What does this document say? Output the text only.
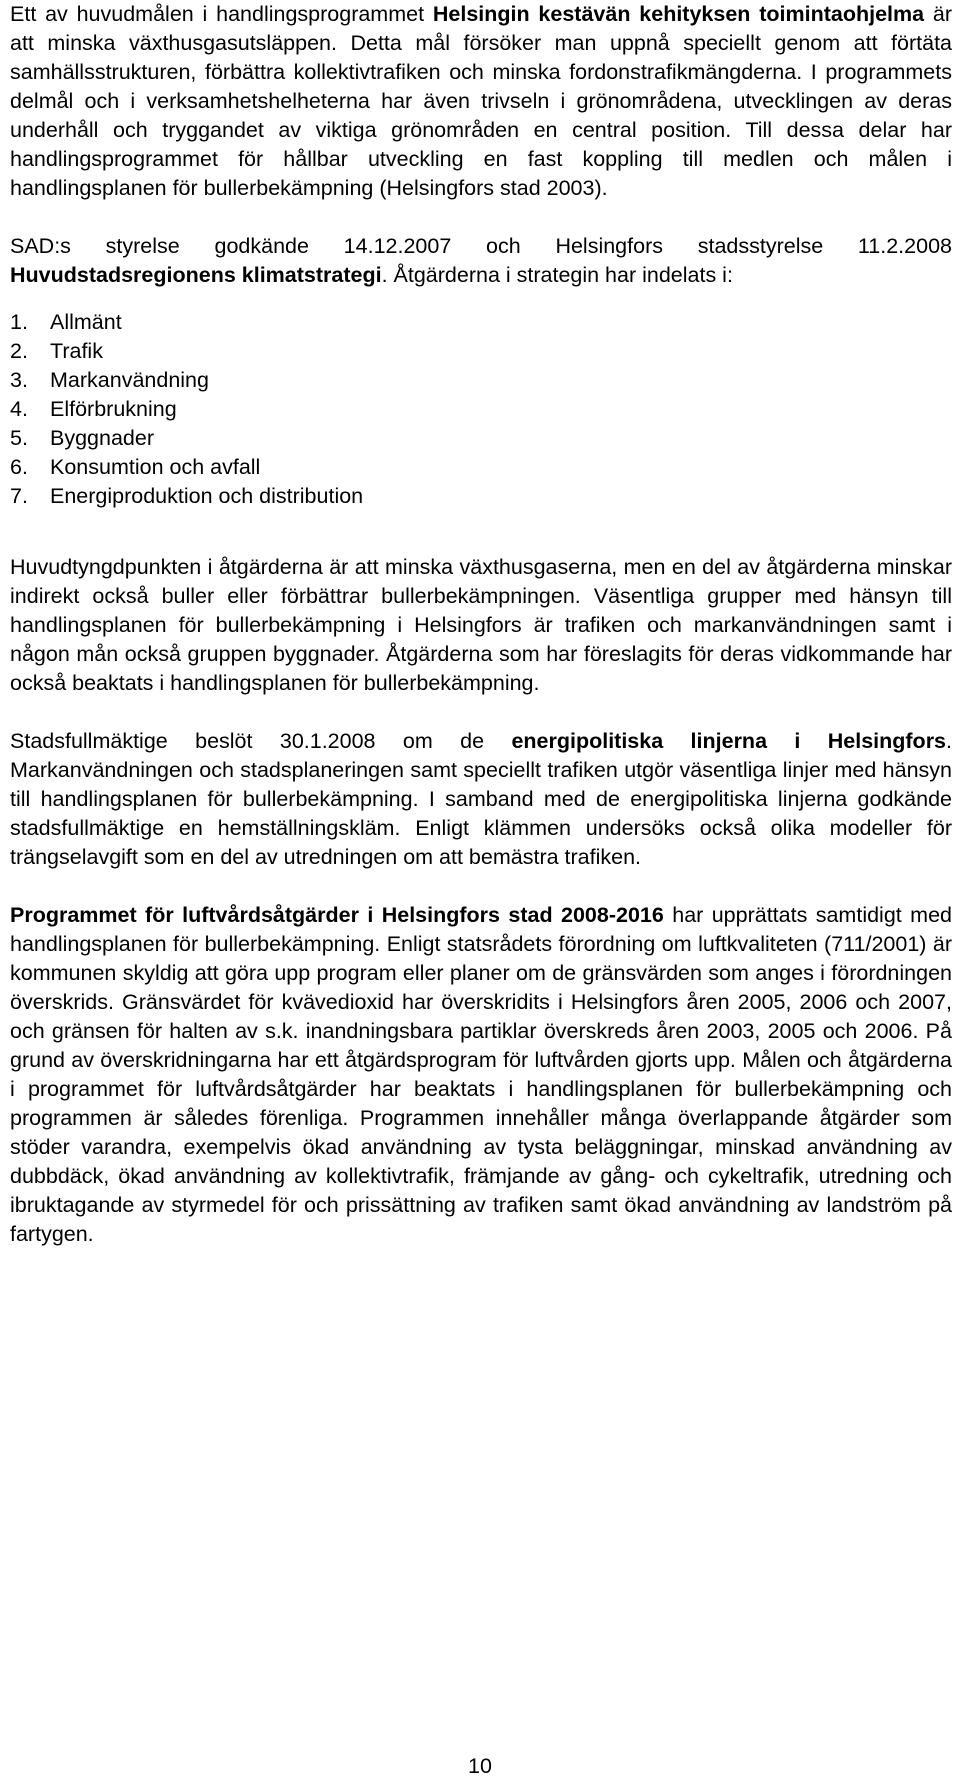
Ett av huvudmålen i handlingsprogrammet Helsingin kestävän kehityksen toimintaohjelma är att minska växthusgasutsläppen. Detta mål försöker man uppnå speciellt genom att förtäta samhällsstrukturen, förbättra kollektivtrafiken och minska fordonstrafikmängderna. I programmets delmål och i verksamhetshelheterna har även trivseln i grönområdena, utvecklingen av deras underhåll och tryggandet av viktiga grönområden en central position. Till dessa delar har handlingsprogrammet för hållbar utveckling en fast koppling till medlen och målen i handlingsplanen för bullerbekämpning (Helsingfors stad 2003).

SAD:s styrelse godkände 14.12.2007 och Helsingfors stadsstyrelse 11.2.2008 Huvudstadsregionens klimatstrategi. Åtgärderna i strategin har indelats i:

1.	Allmänt
2.	Trafik
3.	Markanvändning
4.	Elförbrukning
5.	Byggnader
6.	Konsumtion och avfall
7.	Energiproduktion och distribution

Huvudtyngdpunkten i åtgärderna är att minska växthusgaserna, men en del av åtgärderna minskar indirekt också buller eller förbättrar bullerbekämpningen. Väsentliga grupper med hänsyn till handlingsplanen för bullerbekämpning i Helsingfors är trafiken och markanvändningen samt i någon mån också gruppen byggnader. Åtgärderna som har föreslagits för deras vidkommande har också beaktats i handlingsplanen för bullerbekämpning.

Stadsfullmäktige beslöt 30.1.2008 om de energipolitiska linjerna i Helsingfors. Markanvändningen och stadsplaneringen samt speciellt trafiken utgör väsentliga linjer med hänsyn till handlingsplanen för bullerbekämpning. I samband med de energipolitiska linjerna godkände stadsfullmäktige en hemställningskläm. Enligt klämmen undersöks också olika modeller för trängselavgift som en del av utredningen om att bemästra trafiken.

Programmet för luftvårdsåtgärder i Helsingfors stad 2008-2016 har upprättats samtidigt med handlingsplanen för bullerbekämpning. Enligt statsrådets förordning om luftkvaliteten (711/2001) är kommunen skyldig att göra upp program eller planer om de gränsvärden som anges i förordningen överskrids. Gränsvärdet för kvävedioxid har överskridits i Helsingfors åren 2005, 2006 och 2007, och gränsen för halten av s.k. inandningsbara partiklar överskreds åren 2003, 2005 och 2006. På grund av överskridningarna har ett åtgärdsprogram för luftvården gjorts upp. Målen och åtgärderna i programmet för luftvårdsåtgärder har beaktats i handlingsplanen för bullerbekämpning och programmen är således förenliga. Programmen innehåller många överlappande åtgärder som stöder varandra, exempelvis ökad användning av tysta beläggningar, minskad användning av dubbdäck, ökad användning av kollektivtrafik, främjande av gång- och cykeltrafik, utredning och ibruktagande av styrmedel för och prissättning av trafiken samt ökad användning av landström på fartygen.

10
